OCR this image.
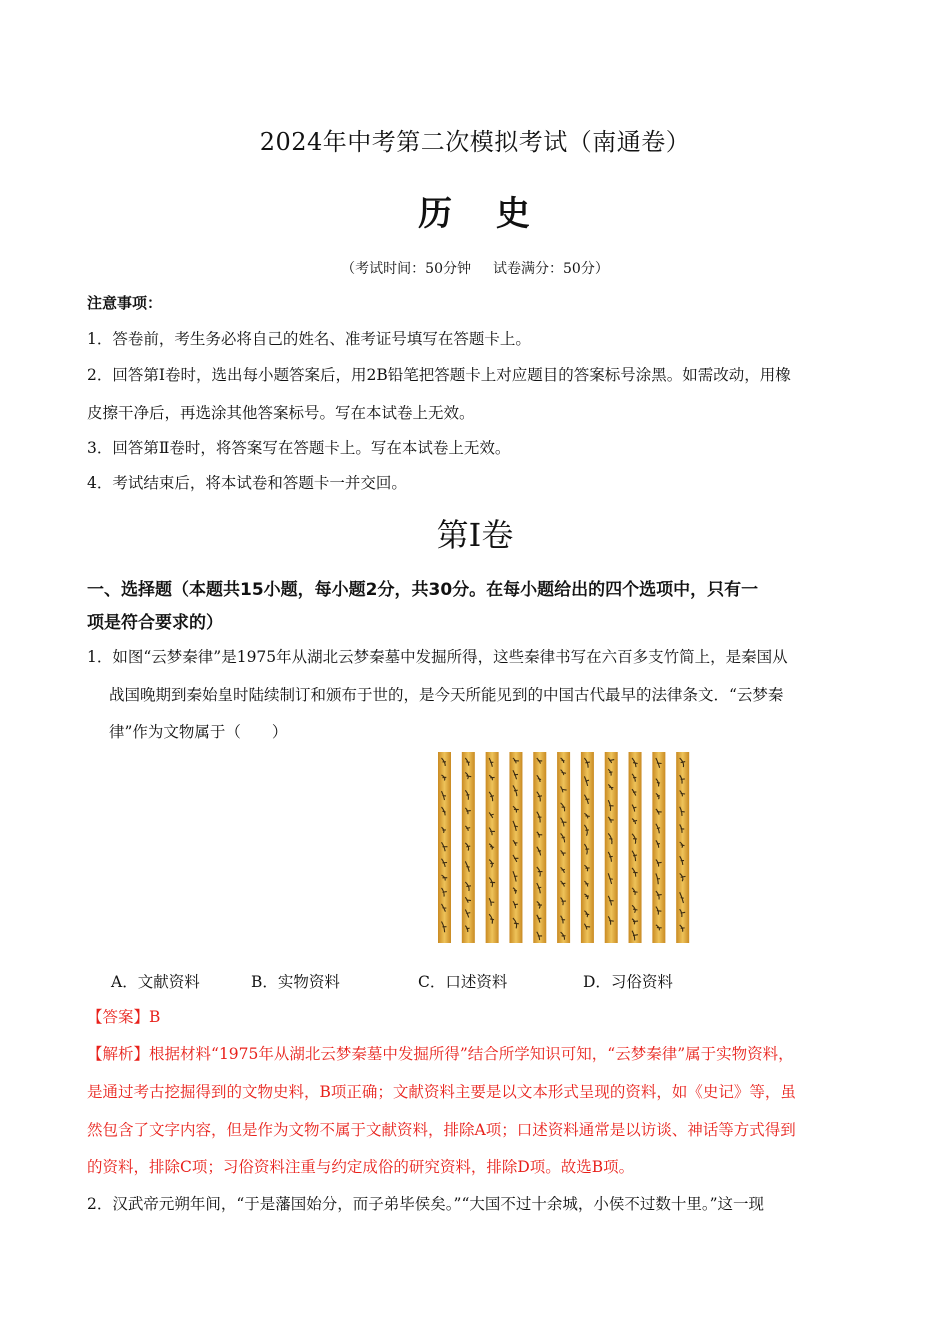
2024年中考第二次模拟考试（南通卷）
历 史
（考试时间：50分钟 试卷满分：50分）
注意事项：
1．答卷前，考生务必将自己的姓名、准考证号填写在答题卡上。
2．回答第Ⅰ卷时，选出每小题答案后，用2B铅笔把答题卡上对应题目的答案标号涂黑。如需改动，用橡
皮擦干净后，再选涂其他答案标号。写在本试卷上无效。
3．回答第Ⅱ卷时，将答案写在答题卡上。写在本试卷上无效。
4．考试结束后，将本试卷和答题卡一并交回。
第Ⅰ卷
一、选择题（本题共15小题，每小题2分，共30分。在每小题给出的四个选项中，只有一
项是符合要求的）
1．如图“云梦秦律”是1975年从湖北云梦秦墓中发掘所得，这些秦律书写在六百多支竹简上，是秦国从
战国晚期到秦始皇时陆续制订和颁布于世的，是今天所能见到的中国古代最早的法律条文．“云梦秦
律”作为文物属于（　　）
A．文献资料	B．实物资料	C．口述资料	D．习俗资料
【答案】B
【解析】根据材料“1975年从湖北云梦秦墓中发掘所得”结合所学知识可知，“云梦秦律”属于实物资料，
是通过考古挖掘得到的文物史料，B项正确；文献资料主要是以文本形式呈现的资料，如《史记》等，虽
然包含了文字内容，但是作为文物不属于文献资料，排除A项；口述资料通常是以访谈、神话等方式得到
的资料，排除C项；习俗资料注重与约定成俗的研究资料，排除D项。故选B项。
2．汉武帝元朔年间，“于是藩国始分，而子弟毕侯矣。”“大国不过十余城，小侯不过数十里。”这一现
